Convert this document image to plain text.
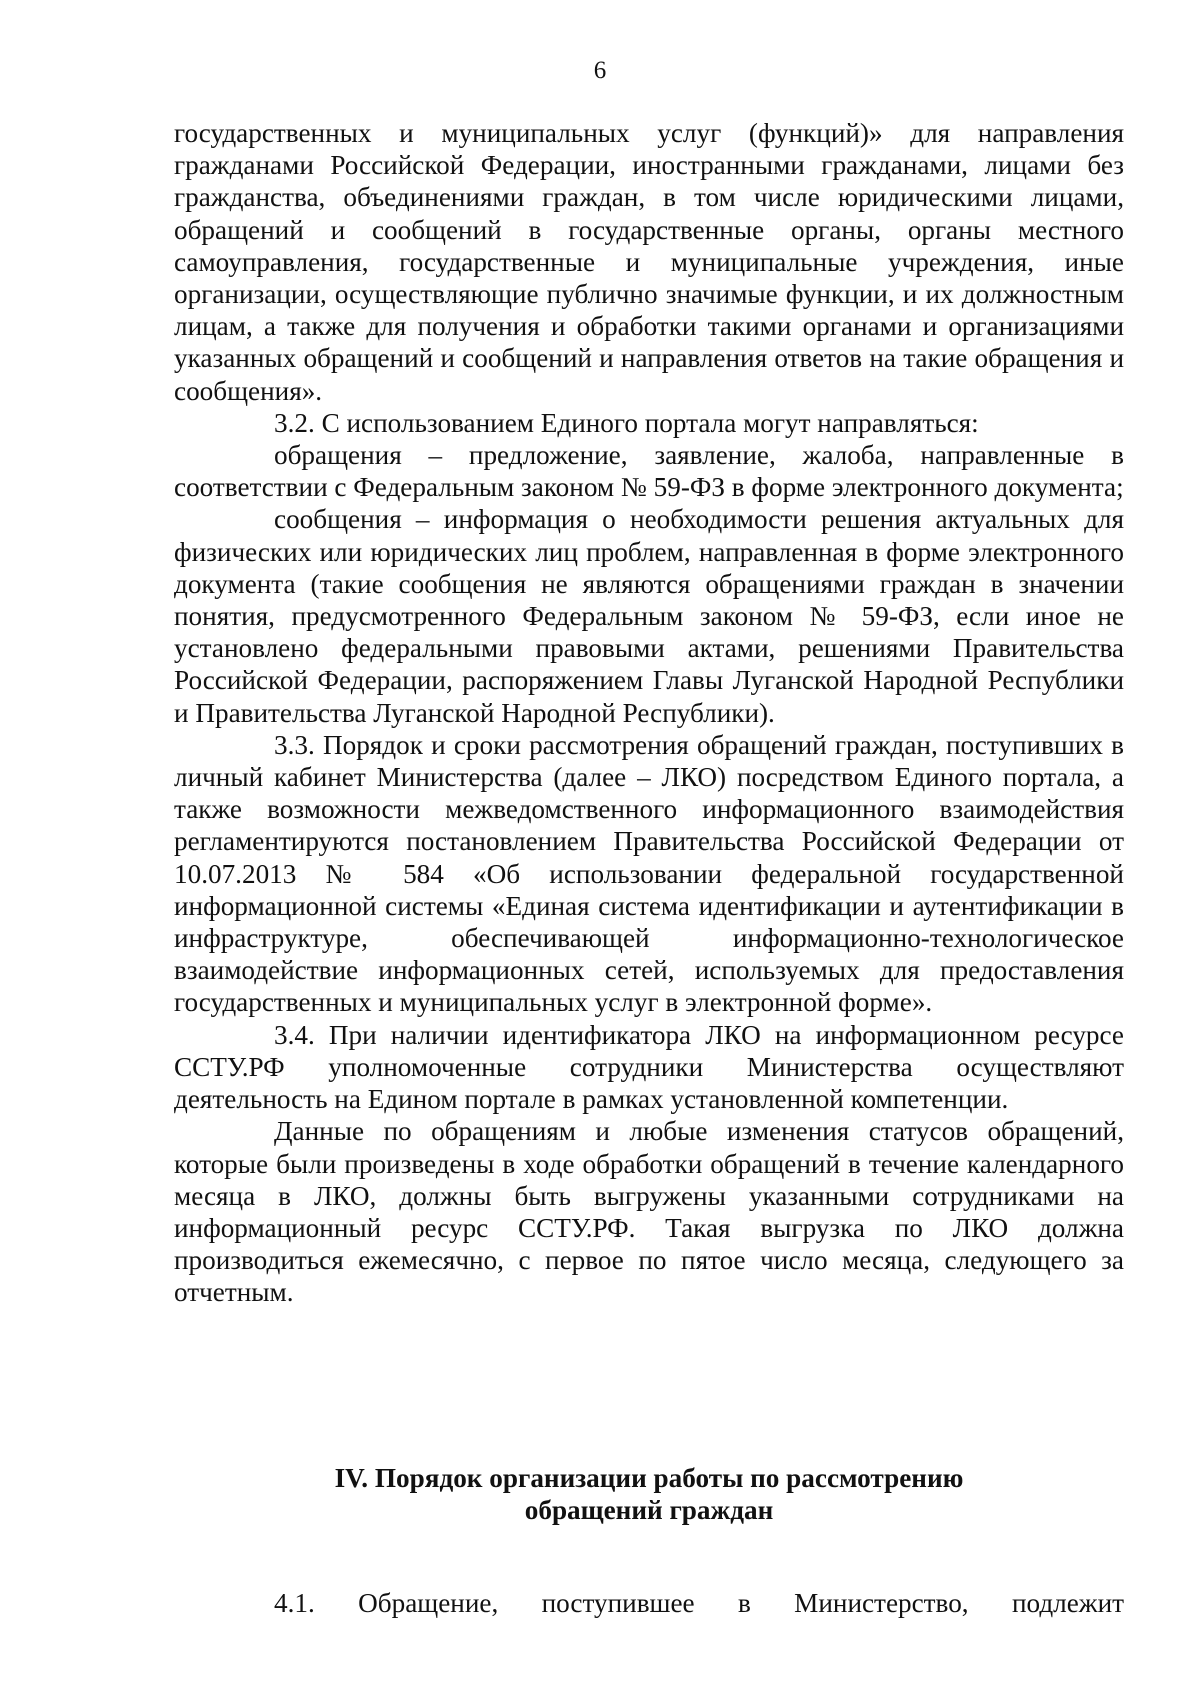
6

государственных и муниципальных услуг (функций)» для направления гражданами Российской Федерации, иностранными гражданами, лицами без гражданства, объединениями граждан, в том числе юридическими лицами, обращений и сообщений в государственные органы, органы местного самоуправления, государственные и муниципальные учреждения, иные организации, осуществляющие публично значимые функции, и их должностным лицам, а также для получения и обработки такими органами и организациями указанных обращений и сообщений и направления ответов на такие обращения и сообщения».

3.2. С использованием Единого портала могут направляться:

обращения – предложение, заявление, жалоба, направленные в соответствии с Федеральным законом № 59-ФЗ в форме электронного документа;

сообщения – информация о необходимости решения актуальных для физических или юридических лиц проблем, направленная в форме электронного документа (такие сообщения не являются обращениями граждан в значении понятия, предусмотренного Федеральным законом № 59-ФЗ, если иное не установлено федеральными правовыми актами, решениями Правительства Российской Федерации, распоряжением Главы Луганской Народной Республики и Правительства Луганской Народной Республики).

3.3. Порядок и сроки рассмотрения обращений граждан, поступивших в личный кабинет Министерства (далее – ЛКО) посредством Единого портала, а также возможности межведомственного информационного взаимодействия регламентируются постановлением Правительства Российской Федерации от 10.07.2013 № 584 «Об использовании федеральной государственной информационной системы «Единая система идентификации и аутентификации в инфраструктуре, обеспечивающей информационно-технологическое взаимодействие информационных сетей, используемых для предоставления государственных и муниципальных услуг в электронной форме».

3.4. При наличии идентификатора ЛКО на информационном ресурсе ССТУ.РФ уполномоченные сотрудники Министерства осуществляют деятельность на Едином портале в рамках установленной компетенции.

Данные по обращениям и любые изменения статусов обращений, которые были произведены в ходе обработки обращений в течение календарного месяца в ЛКО, должны быть выгружены указанными сотрудниками на информационный ресурс ССТУ.РФ. Такая выгрузка по ЛКО должна производиться ежемесячно, с первое по пятое число месяца, следующего за отчетным.

IV. Порядок организации работы по рассмотрению
обращений граждан
4.1. Обращение, поступившее в Министерство, подлежит
